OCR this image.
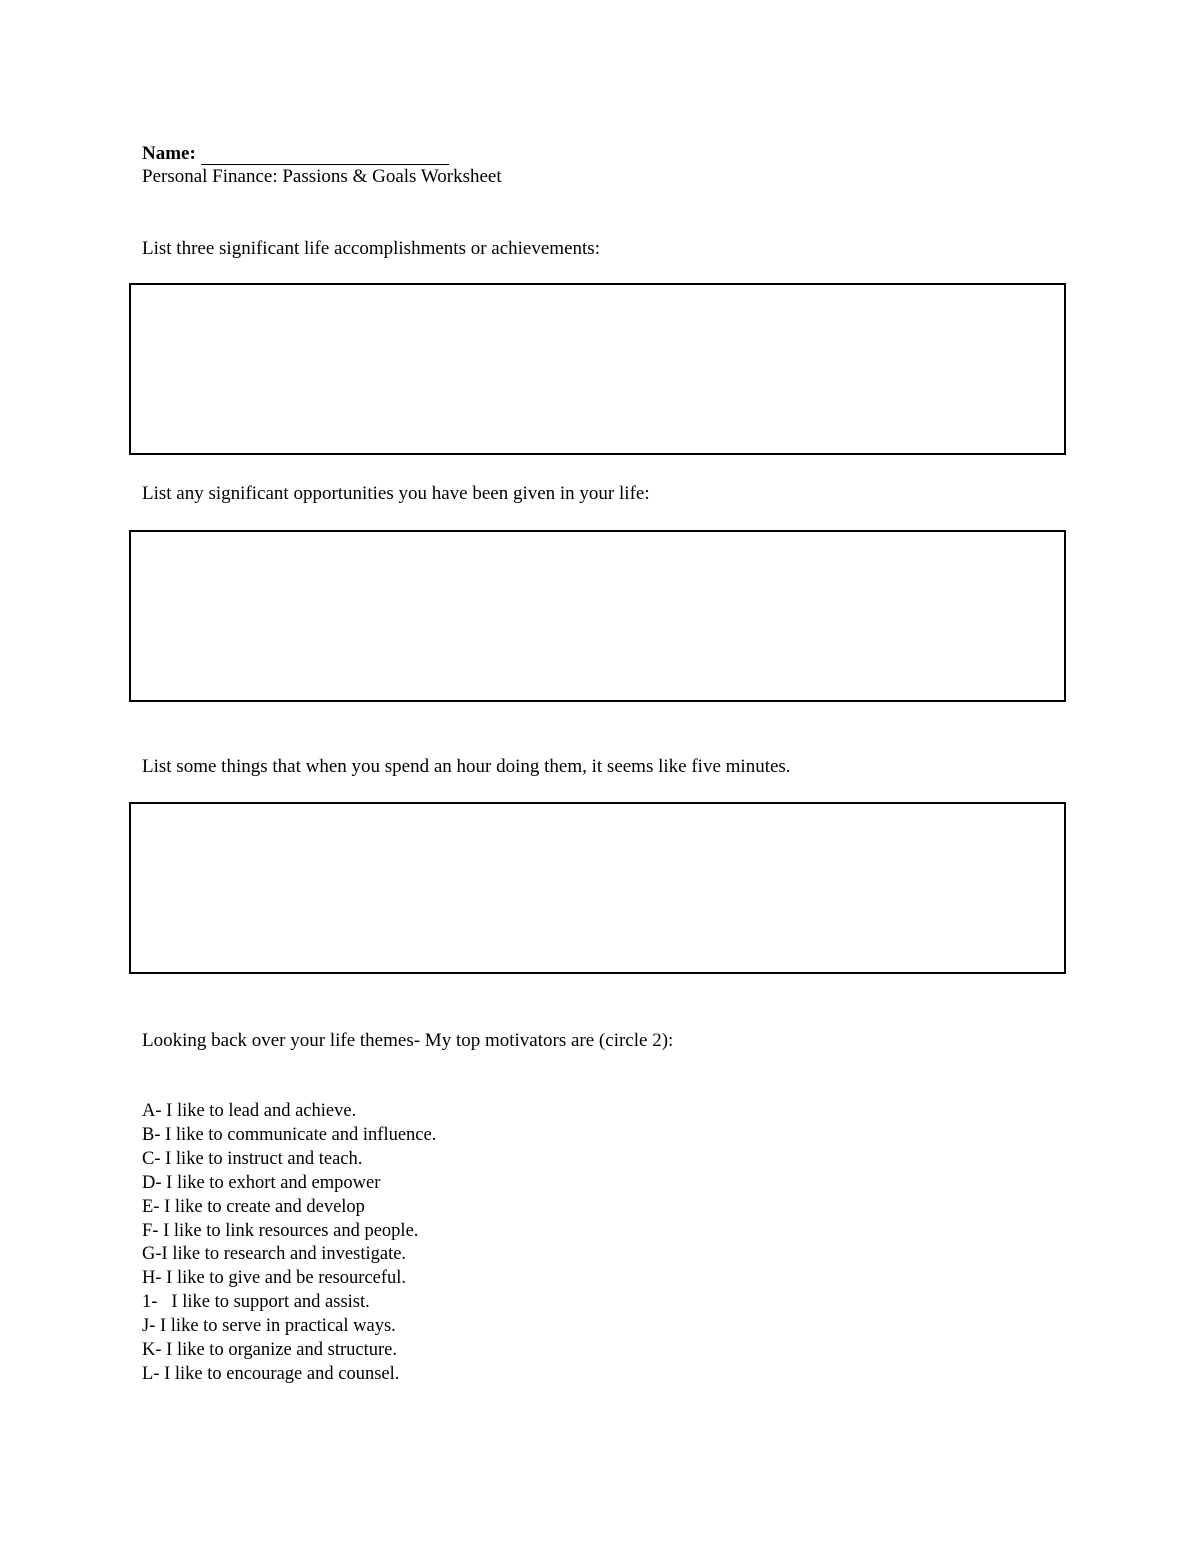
Name:
Personal Finance: Passions & Goals Worksheet
List three significant life accomplishments or achievements:
List any significant opportunities you have been given in your life:
List some things that when you spend an hour doing them, it seems like five minutes.
Looking back over your life themes- My top motivators are (circle 2):
A- I like to lead and achieve.
B- I like to communicate and influence.
C- I like to instruct and teach.
D- I like to exhort and empower
E- I like to create and develop
F- I like to link resources and people.
G-I like to research and investigate.
H- I like to give and be resourceful.
1- I like to support and assist.
J- I like to serve in practical ways.
K- I like to organize and structure.
L- I like to encourage and counsel.
